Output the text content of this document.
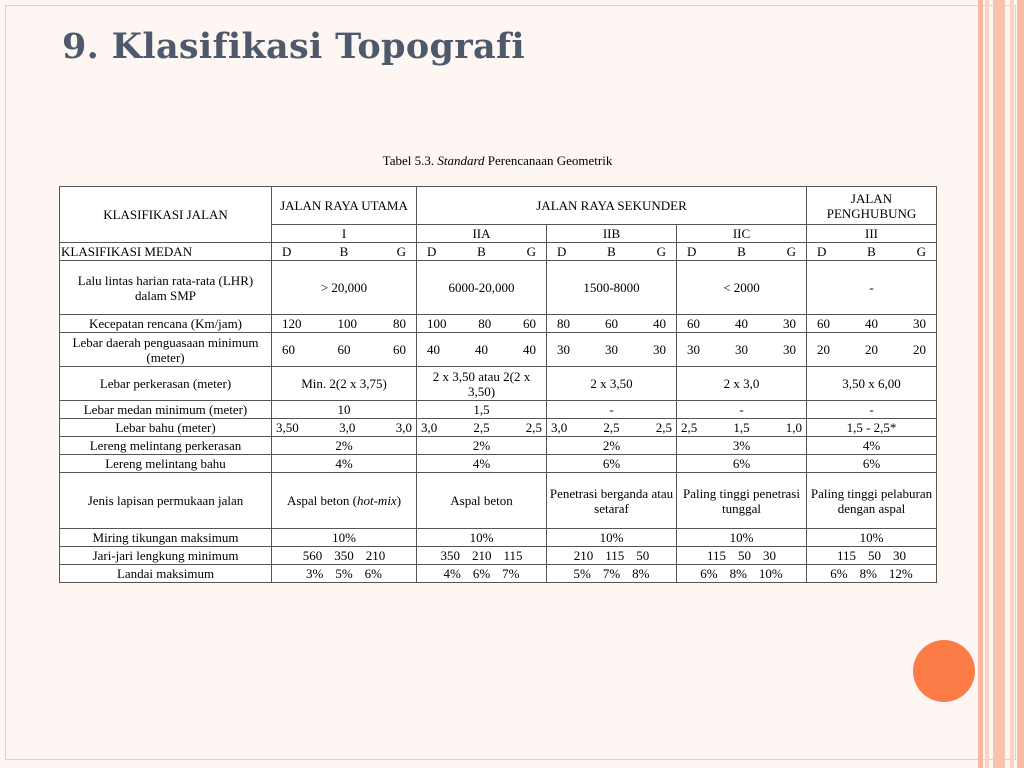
9. Klasifikasi Topografi
Tabel 5.3. Standard Perencanaan Geometrik
KLASIFIKASI JALAN	JALAN RAYA UTAMA	JALAN RAYA SEKUNDER			JALAN PENGHUBUNG
	I	IIA	IIB	IIC	III
KLASIFIKASI MEDAN	D B G	D B G	D B G	D B G	D B G

Lalu lintas harian rata-rata (LHR) dalam SMP	> 20,000	6000-20,000	1500-8000	< 2000	-
Kecepatan rencana (Km/jam)	120 100 80	100 80 60	80 60 40	60 40 30	60 40 30

Lebar daerah penguasaan minimum (meter)	60 60 60	40 40 40	30 30 30	30 30 30	20 20 20

Lebar perkerasan (meter)	Min. 2(2 x 3,75)	2 x 3,50 atau 2(2 x 3,50)	2 x 3,50	2 x 3,0	3,50 x 6,00
Lebar medan minimum (meter)	10	1,5	-	-	-
Lebar bahu (meter)	3,50 3,0 3,0	3,0 2,5 2,5	3,0 2,5 2,5	2,5 1,5 1,0	1,5 - 2,5*
Lereng melintang perkerasan	2%	2%	2%	3%	4%
Lereng melintang bahu	4%	4%	6%	6%	6%
Jenis lapisan permukaan jalan	Aspal beton (hot-mix)	Aspal beton	Penetrasi berganda atau setaraf	Paling tinggi penetrasi tunggal	Paling tinggi pelaburan dengan aspal
Miring tikungan maksimum	10%	10%	10%	10%	10%
Jari-jari lengkung minimum	560 350 210	350 210 115	210 115 50	115 50 30	115 50 30

Landai maksimum	3% 5% 6%	4% 6% 7%	5% 7% 8%	6% 8% 10%	6% 8% 12%
